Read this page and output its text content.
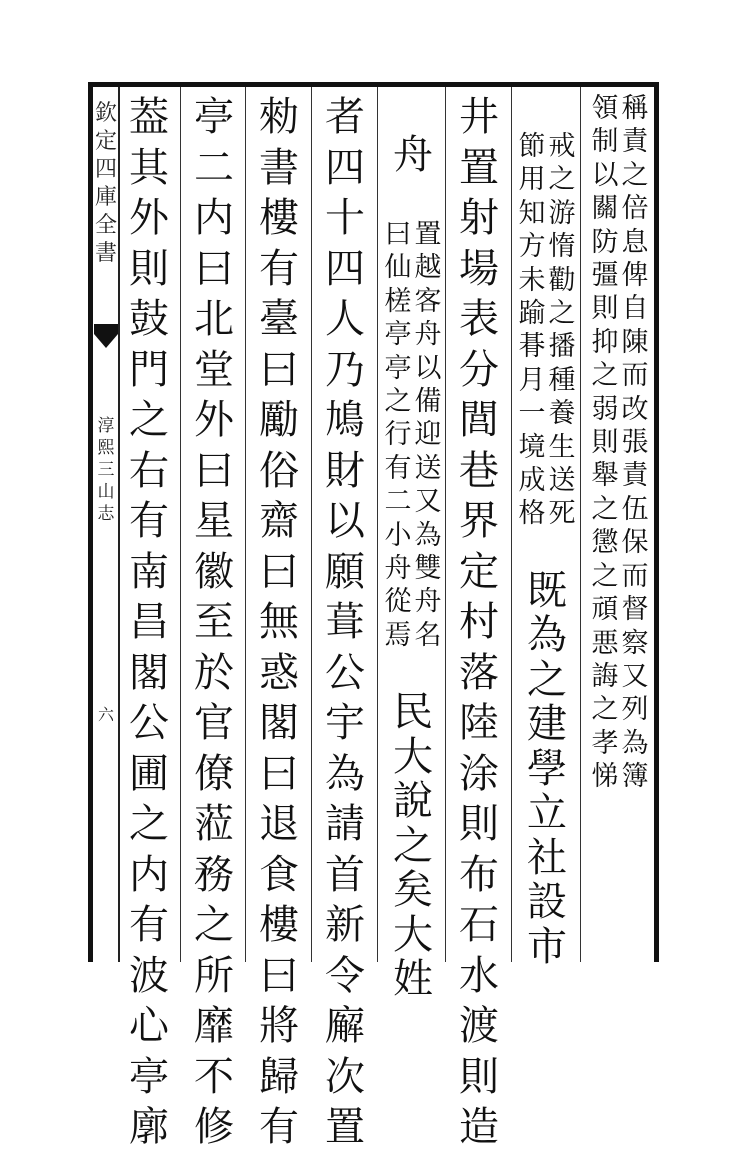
欽
定
四
庫
全
書
淳
熙
三
山
志
六
領
制
以
關
防
彊
則
抑
之
弱
則
舉
之
懲
之
頑
悪
誨
之
孝
悌
稱
責
之
倍
息
俾
自
陳
而
改
張
責
伍
保
而
督
察
又
列
為
簿

節
用
知
方
未
踰
朞
月
一
境
成
格
戒
之
游
惰
勸
之
播
種
養
生
送
死

既
為
之
建
學
立
社
設
市

井
置
射
場
表
分
閭
巷
界
定
村
落
陸
涂
則
布
石
水
渡
則
造

舟

曰
仙
槎
亭
亭
之
行
有
二
小
舟
從
焉
置
越
客
舟
以
備
迎
送
又
為
雙
舟
名

民
大
說
之
矣
大
姓

者
四
十
四
人
乃
鳩
財
以
願
葺
公
宇
為
請
首
新
令
廨
次
置
勑
書
樓
有
臺
曰
勵
俗
齋
曰
無
惑
閣
曰
退
食
樓
曰
將
歸
有
亭
二
内
曰
北
堂
外
曰
星
徽
至
於
官
僚
蒞
務
之
所
靡
不
修
葢
其
外
則
鼓
門
之
右
有
南
昌
閣
公
圃
之
内
有
波
心
亭
廓
